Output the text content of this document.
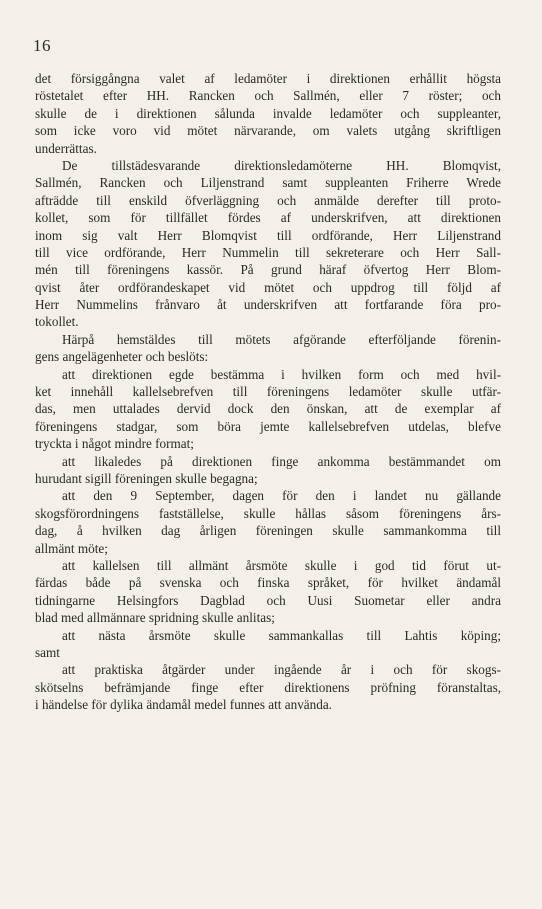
16
det försiggångna valet af ledamöter i direktionen erhållit högsta
röstetalet efter HH. Rancken och Sallmén, eller 7 röster; och
skulle de i direktionen sålunda invalde ledamöter och suppleanter,
som icke voro vid mötet närvarande, om valets utgång skriftligen
underrättas.
De tillstädesvarande direktionsledamöterne HH. Blomqvist,
Sallmén, Rancken och Liljenstrand samt suppleanten Friherre Wrede
afträdde till enskild öfverläggning och anmälde derefter till proto-
kollet, som för tillfället fördes af underskrifven, att direktionen
inom sig valt Herr Blomqvist till ordförande, Herr Liljenstrand
till vice ordförande, Herr Nummelin till sekreterare och Herr Sall-
mén till föreningens kassör. På grund häraf öfvertog Herr Blom-
qvist åter ordförandeskapet vid mötet och uppdrog till följd af
Herr Nummelins frånvaro åt underskrifven att fortfarande föra pro-
tokollet.
Härpå hemstäldes till mötets afgörande efterföljande förenin-
gens angelägenheter och beslöts:
att direktionen egde bestämma i hvilken form och med hvil-
ket innehåll kallelsebrefven till föreningens ledamöter skulle utfär-
das, men uttalades dervid dock den önskan, att de exemplar af
föreningens stadgar, som böra jemte kallelsebrefven utdelas, blefve
tryckta i något mindre format;
att likaledes på direktionen finge ankomma bestämmandet om
hurudant sigill föreningen skulle begagna;
att den 9 September, dagen för den i landet nu gällande
skogsförordningens fastställelse, skulle hållas såsom föreningens års-
dag, å hvilken dag årligen föreningen skulle sammankomma till
allmänt möte;
att kallelsen till allmänt årsmöte skulle i god tid förut ut-
färdas både på svenska och finska språket, för hvilket ändamål
tidningarne Helsingfors Dagblad och Uusi Suometar eller andra
blad med allmännare spridning skulle anlitas;
att nästa årsmöte skulle sammankallas till Lahtis köping;
samt
att praktiska åtgärder under ingående år i och för skogs-
skötselns befrämjande finge efter direktionens pröfning föranstaltas,
i händelse för dylika ändamål medel funnes att använda.
